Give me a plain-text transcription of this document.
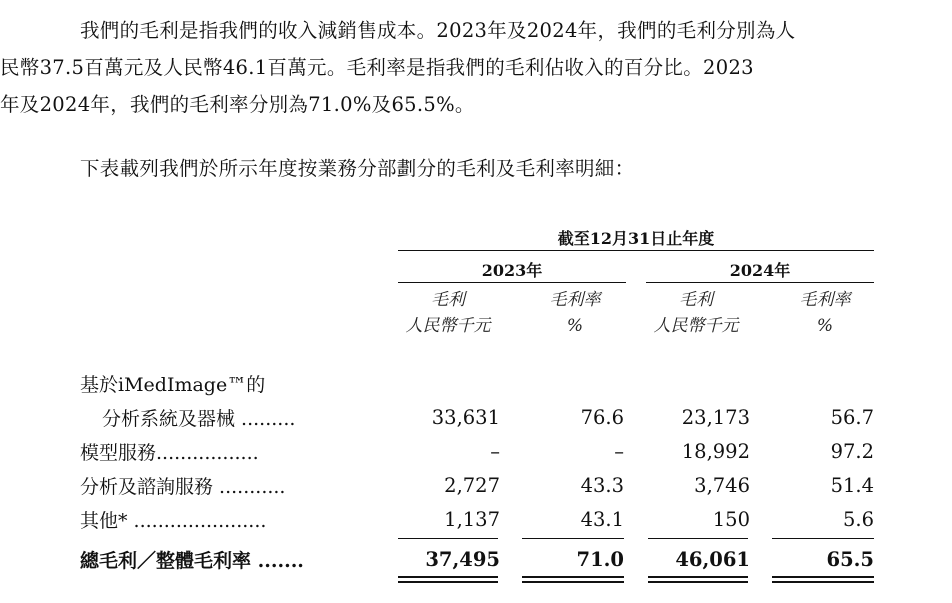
我們的毛利是指我們的收入減銷售成本。2023年及2024年，我們的毛利分別為人
民幣37.5百萬元及人民幣46.1百萬元。毛利率是指我們的毛利佔收入的百分比。2023
年及2024年，我們的毛利率分別為71.0%及65.5%。
下表載列我們於所示年度按業務分部劃分的毛利及毛利率明細：
截至12月31日止年度
2023年	2024年
毛利
人民幣千元
毛利率
%
毛利
人民幣千元
毛利率
%
基於iMedImage™的
分析系統及器械 .........	33,631	76.6	23,173	56.7
模型服務.................	–	–	18,992	97.2
分析及諮詢服務 ...........	2,727	43.3	3,746	51.4
其他* ......................	1,137	43.1	150	5.6
總毛利／整體毛利率 .......	37,495	71.0	46,061	65.5
